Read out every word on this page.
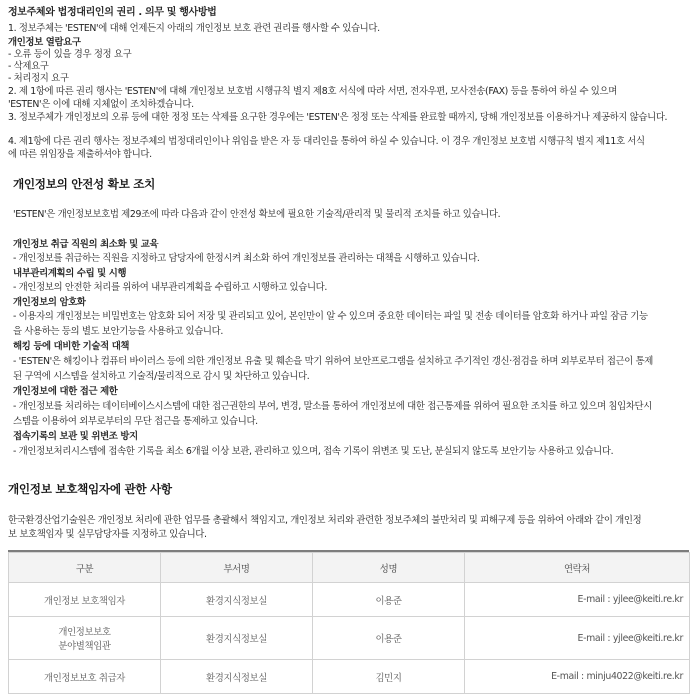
정보주체와 법정대리인의 권리 . 의무 및 행사방법
1. 정보주체는 'ESTEN'에 대해 언제든지 아래의 개인정보 보호 관련 권리를 행사할 수 있습니다.
개인정보 열람요구
- 오류 등이 있을 경우 정정 요구
- 삭제요구
- 처리정지 요구
2. 제 1항에 따른 권리 행사는 'ESTEN'에 대해 개인정보 보호법 시행규칙 별지 제8호 서식에 따라 서면, 전자우편, 모사전송(FAX) 등을 통하여 하실 수 있으며
'ESTEN'은 이에 대해 지체없이 조치하겠습니다.
3. 정보주체가 개인정보의 오류 등에 대한 정정 또는 삭제를 요구한 경우에는 'ESTEN'은 정정 또는 삭제를 완료할 때까지, 당해 개인정보를 이용하거나 제공하지 않습니다.
4. 제1항에 다른 권리 행사는 정보주체의 법정대리인이나 위임을 받은 자 등 대리인을 통하여 하실 수 있습니다. 이 경우 개인정보 보호법 시행규칙 별지 제11호 서식
에 따른 위임장을 제출하셔야 합니다.
개인정보의 안전성 확보 조치
'ESTEN'은 개인정보보호법 제29조에 따라 다음과 같이 안전성 확보에 필요한 기술적/관리적 및 물리적 조치를 하고 있습니다.
개인정보 취급 직원의 최소화 및 교육
- 개인정보를 취급하는 직원을 지정하고 담당자에 한정시켜 최소화 하여 개인정보를 관리하는 대책을 시행하고 있습니다.
내부관리계획의 수립 및 시행
- 개인정보의 안전한 처리를 위하여 내부관리계획을 수립하고 시행하고 있습니다.
개인정보의 암호화
- 이용자의 개인정보는 비밀번호는 암호화 되어 저장 및 관리되고 있어, 본인만이 알 수 있으며 중요한 데이터는 파일 및 전송 데이터를 암호화 하거나 파일 잠금 기능
을 사용하는 등의 별도 보안기능을 사용하고 있습니다.
해킹 등에 대비한 기술적 대책
- 'ESTEN'은 해킹이나 컴퓨터 바이러스 등에 의한 개인정보 유출 및 훼손을 막기 위하여 보안프로그램을 설치하고 주기적인 갱신·점검을 하며 외부로부터 접근이 통제
된 구역에 시스템을 설치하고 기술적/물리적으로 감시 및 차단하고 있습니다.
개인정보에 대한 접근 제한
- 개인정보를 처리하는 데이터베이스시스템에 대한 접근권한의 부여, 변경, 말소를 통하여 개인정보에 대한 접근통제를 위하여 필요한 조치를 하고 있으며 침입차단시
스템을 이용하여 외부로부터의 무단 접근을 통제하고 있습니다.
접속기록의 보관 및 위변조 방지
- 개인정보처리시스템에 접속한 기록을 최소 6개월 이상 보관, 관리하고 있으며, 접속 기록이 위변조 및 도난, 분실되지 않도록 보안기능 사용하고 있습니다.
개인정보 보호책임자에 관한 사항
한국환경산업기술원은 개인정보 처리에 관한 업무를 총괄해서 책임지고, 개인정보 처리와 관련한 정보주체의 불만처리 및 피해구제 등을 위하여 아래와 같이 개인정
보 보호책임자 및 실무담당자를 지정하고 있습니다.
구분	부서명	성명	연락처
개인정보 보호책임자	환경지식정보실	이용준	E-mail : yjlee@keiti.re.kr

개인정보보호
분야별책임관	환경지식정보실	이용준	E-mail : yjlee@keiti.re.kr
개인정보보호 취급자	환경지식정보실	김민지	E-mail : minju4022@keiti.re.kr
